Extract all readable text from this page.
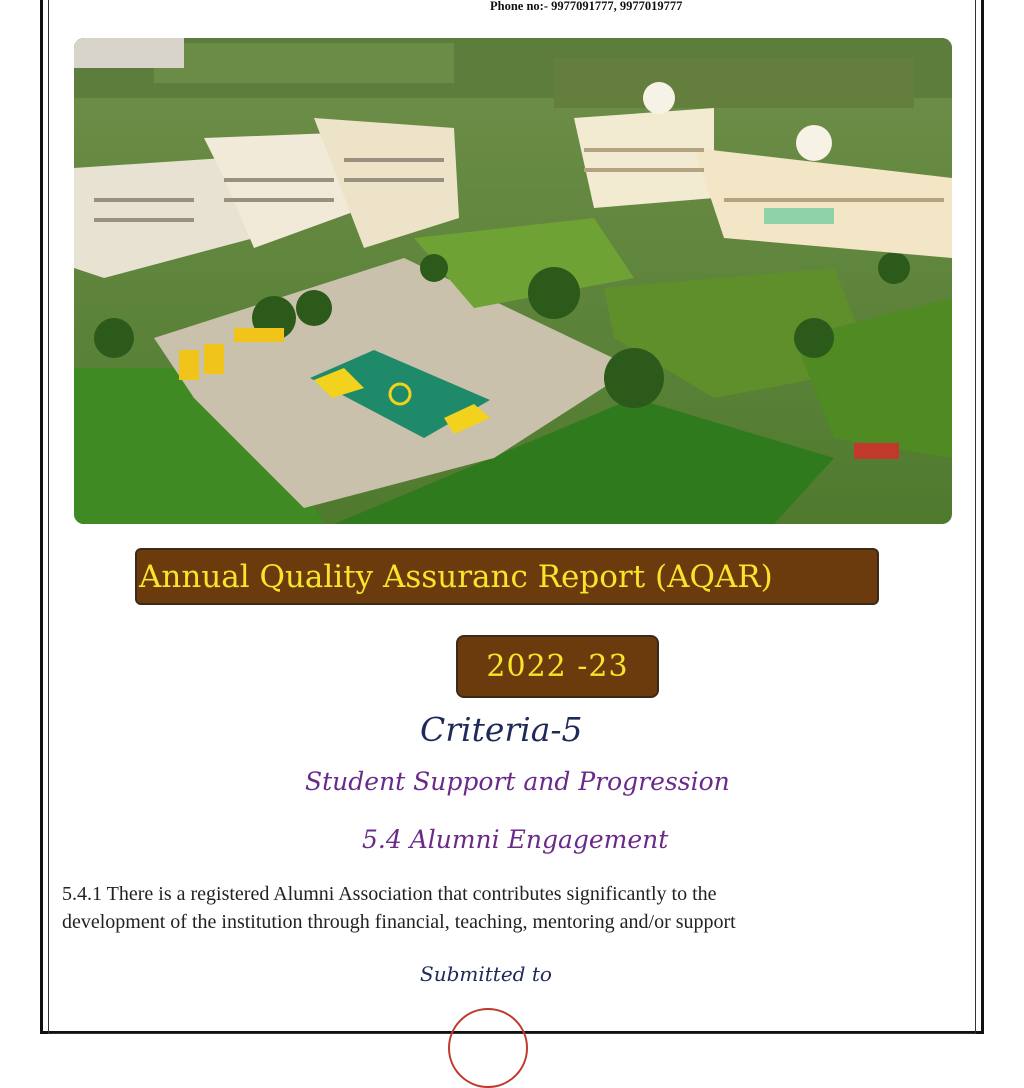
Phone no:- 9977091777, 9977019777
Annual Quality Assuranc Report (AQAR)
2022 -23
Criteria-5
Student Support and Progression
5.4 Alumni Engagement
5.4.1 There is a registered Alumni Association that contributes significantly to the
development of the institution through financial, teaching, mentoring and/or support
Submitted to
